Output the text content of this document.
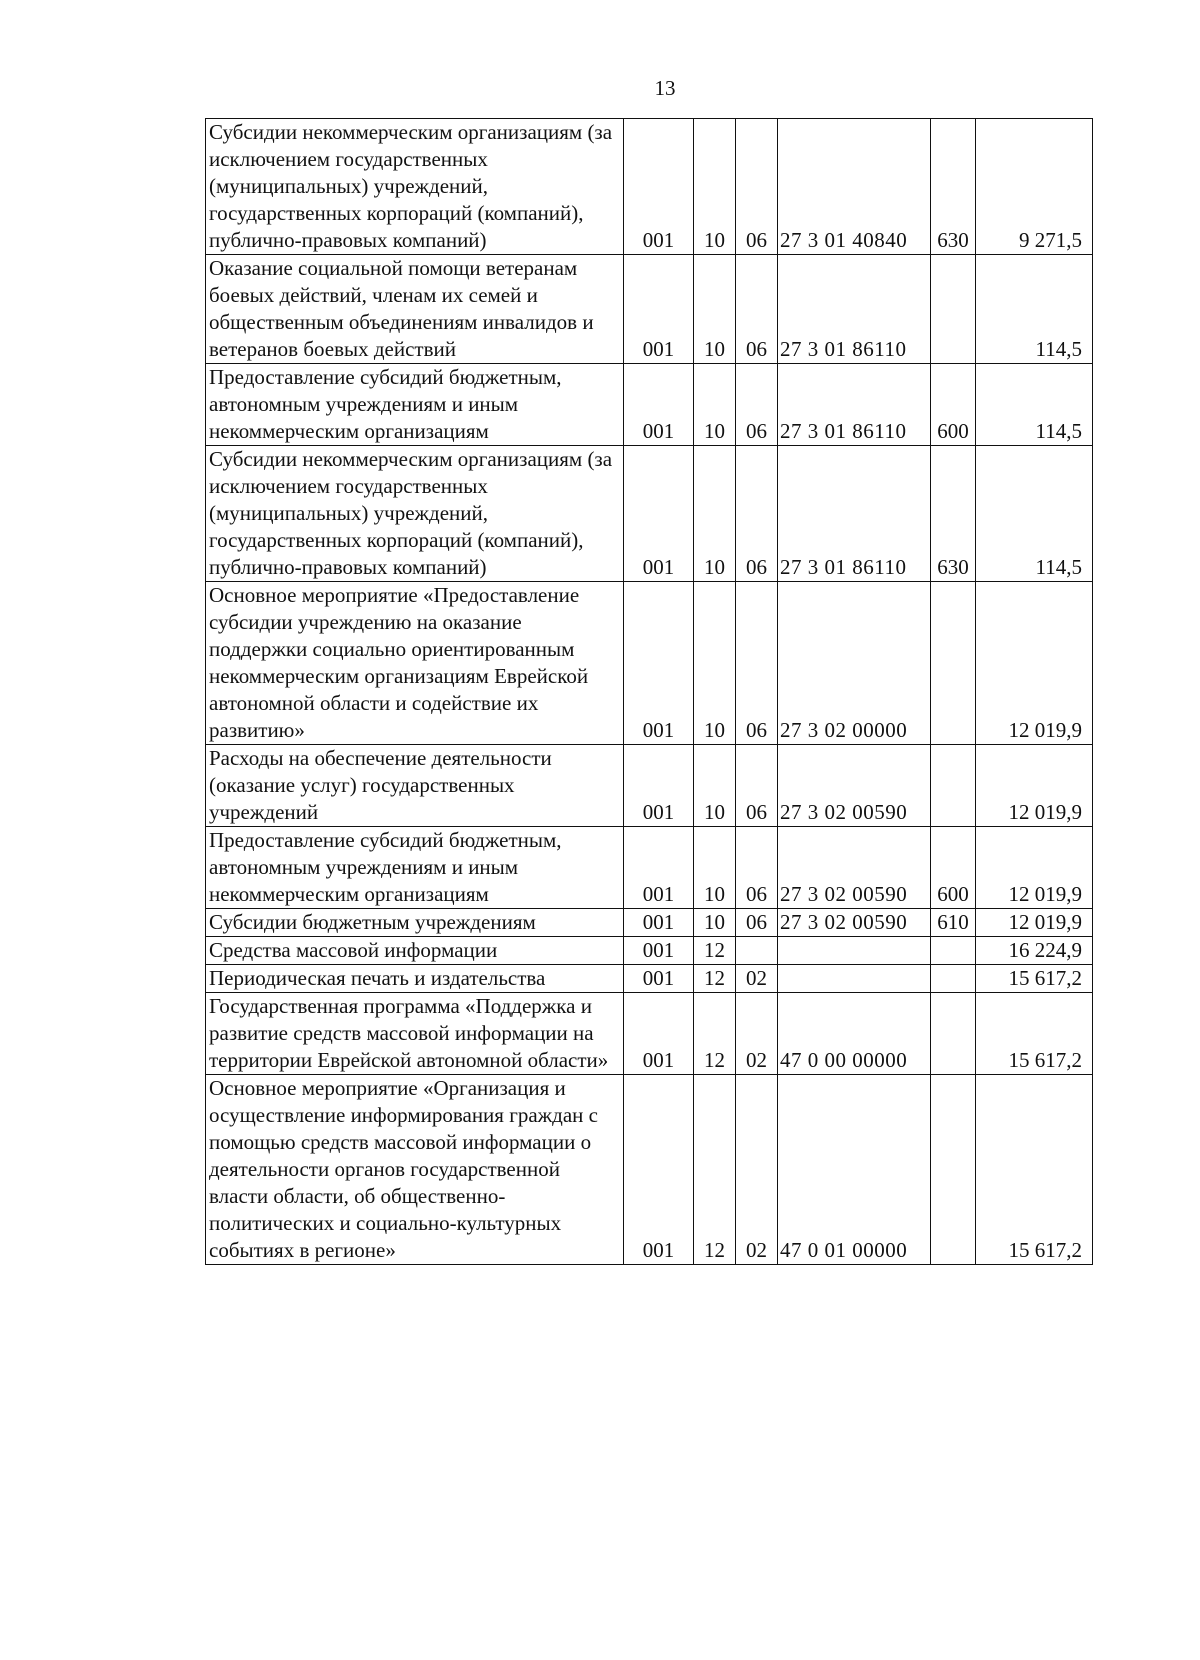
13
Субсидии некоммерческим организациям (за исключением государственных (муниципальных) учреждений, государственных корпораций (компаний), публично-правовых компаний)	001	10	06	27 3 01 40840	630	9 271,5
Оказание социальной помощи ветеранам боевых действий, членам их семей и общественным объединениям инвалидов и ветеранов боевых действий	001	10	06	27 3 01 86110		114,5
Предоставление субсидий бюджетным, автономным учреждениям и иным некоммерческим организациям	001	10	06	27 3 01 86110	600	114,5
Субсидии некоммерческим организациям (за исключением государственных (муниципальных) учреждений, государственных корпораций (компаний), публично-правовых компаний)	001	10	06	27 3 01 86110	630	114,5
Основное мероприятие «Предоставление субсидии учреждению на оказание поддержки социально ориентированным некоммерческим организациям Еврейской автономной области и содействие их развитию»	001	10	06	27 3 02 00000		12 019,9
Расходы на обеспечение деятельности (оказание услуг) государственных учреждений	001	10	06	27 3 02 00590		12 019,9
Предоставление субсидий бюджетным, автономным учреждениям и иным некоммерческим организациям	001	10	06	27 3 02 00590	600	12 019,9
Субсидии бюджетным учреждениям	001	10	06	27 3 02 00590	610	12 019,9
Средства массовой информации	001	12				16 224,9
Периодическая печать и издательства	001	12	02			15 617,2
Государственная программа «Поддержка и развитие средств массовой информации на территории Еврейской автономной области»	001	12	02	47 0 00 00000		15 617,2
Основное мероприятие «Организация и осуществление информирования граждан с помощью средств массовой информации о деятельности органов государственной власти области, об общественно-политических и социально-культурных событиях в регионе»	001	12	02	47 0 01 00000		15 617,2
